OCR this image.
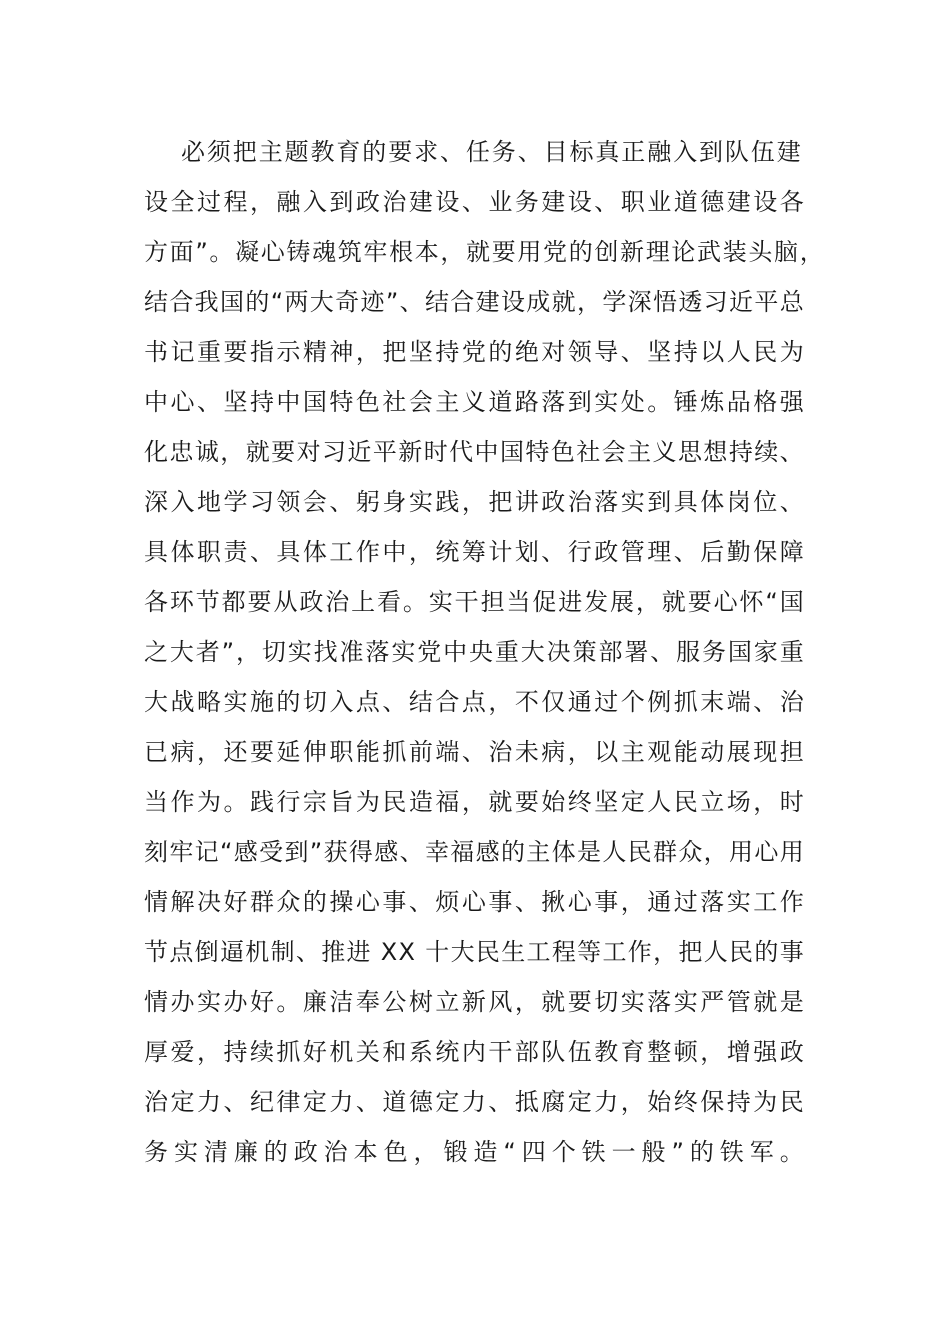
必须把主题教育的要求、任务、目标真正融入到队伍建
设全过程，融入到政治建设、业务建设、职业道德建设各
方面”。凝心铸魂筑牢根本，就要用党的创新理论武装头脑，
结合我国的“两大奇迹”、结合建设成就，学深悟透习近平总
书记重要指示精神，把坚持党的绝对领导、坚持以人民为
中心、坚持中国特色社会主义道路落到实处。锤炼品格强
化忠诚，就要对习近平新时代中国特色社会主义思想持续、
深入地学习领会、躬身实践，把讲政治落实到具体岗位、
具体职责、具体工作中，统筹计划、行政管理、后勤保障
各环节都要从政治上看。实干担当促进发展，就要心怀“国
之大者”，切实找准落实党中央重大决策部署、服务国家重
大战略实施的切入点、结合点，不仅通过个例抓末端、治
已病，还要延伸职能抓前端、治未病，以主观能动展现担
当作为。践行宗旨为民造福，就要始终坚定人民立场，时
刻牢记“感受到”获得感、幸福感的主体是人民群众，用心用
情解决好群众的操心事、烦心事、揪心事，通过落实工作
节点倒逼机制、推进 XX 十大民生工程等工作，把人民的事
情办实办好。廉洁奉公树立新风，就要切实落实严管就是
厚爱，持续抓好机关和系统内干部队伍教育整顿，增强政
治定力、纪律定力、道德定力、抵腐定力，始终保持为民
务实清廉的政治本色，锻造“四个铁一般”的铁军。
